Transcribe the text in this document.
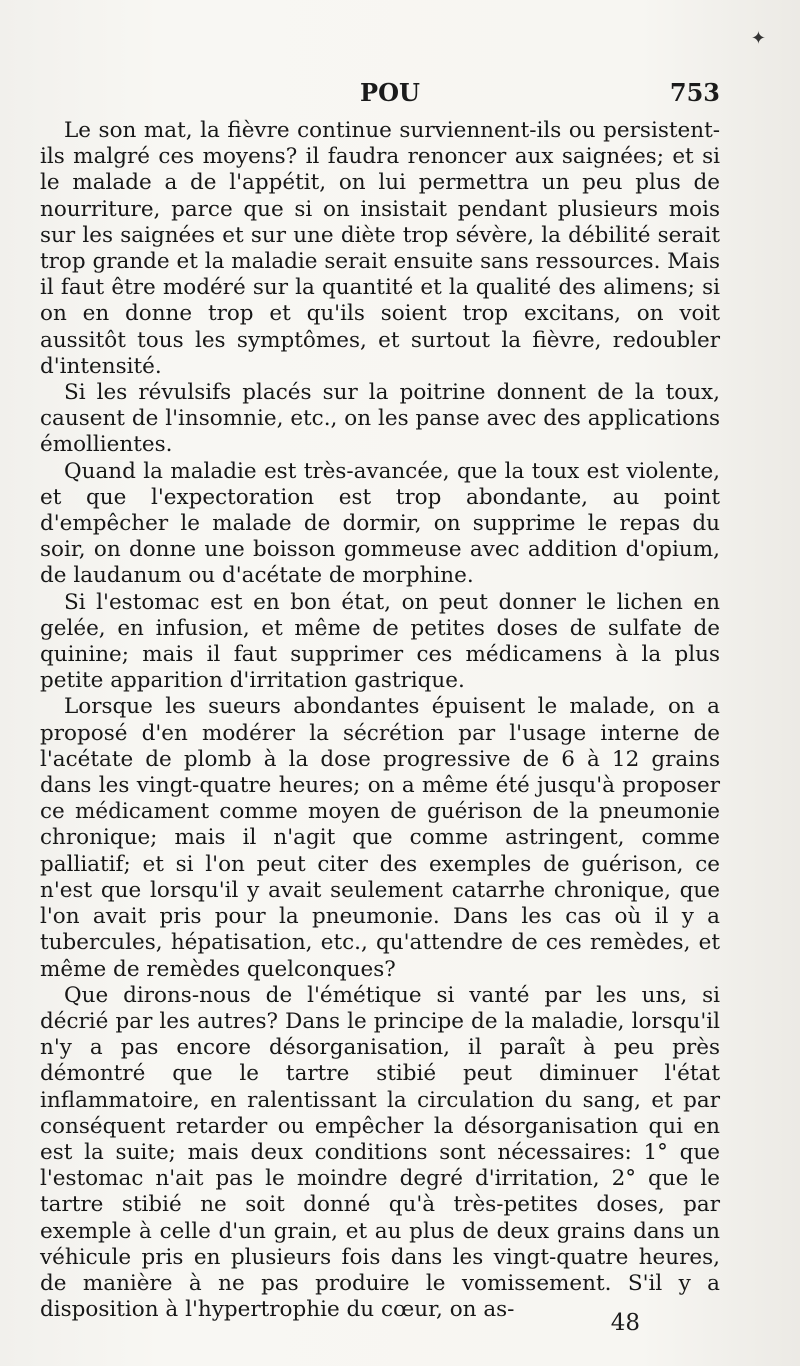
✦
POU	753

Le son mat, la fièvre continue surviennent-ils ou persistent-ils malgré ces moyens? il faudra renoncer aux saignées; et si le malade a de l'appétit, on lui permettra un peu plus de nourriture, parce que si on insistait pendant plusieurs mois sur les saignées et sur une diète trop sévère, la débilité serait trop grande et la maladie serait ensuite sans ressources. Mais il faut être modéré sur la quantité et la qualité des alimens; si on en donne trop et qu'ils soient trop excitans, on voit aussitôt tous les symptômes, et surtout la fièvre, redoubler d'intensité.

Si les révulsifs placés sur la poitrine donnent de la toux, causent de l'insomnie, etc., on les panse avec des applications émollientes.

Quand la maladie est très-avancée, que la toux est violente, et que l'expectoration est trop abondante, au point d'empêcher le malade de dormir, on supprime le repas du soir, on donne une boisson gommeuse avec addition d'opium, de laudanum ou d'acétate de morphine.

Si l'estomac est en bon état, on peut donner le lichen en gelée, en infusion, et même de petites doses de sulfate de quinine; mais il faut supprimer ces médicamens à la plus petite apparition d'irritation gastrique.

Lorsque les sueurs abondantes épuisent le malade, on a proposé d'en modérer la sécrétion par l'usage interne de l'acétate de plomb à la dose progressive de 6 à 12 grains dans les vingt-quatre heures; on a même été jusqu'à proposer ce médicament comme moyen de guérison de la pneumonie chronique; mais il n'agit que comme astringent, comme palliatif; et si l'on peut citer des exemples de guérison, ce n'est que lorsqu'il y avait seulement catarrhe chronique, que l'on avait pris pour la pneumonie. Dans les cas où il y a tubercules, hépatisation, etc., qu'attendre de ces remèdes, et même de remèdes quelconques?

Que dirons-nous de l'émétique si vanté par les uns, si décrié par les autres? Dans le principe de la maladie, lorsqu'il n'y a pas encore désorganisation, il paraît à peu près démontré que le tartre stibié peut diminuer l'état inflammatoire, en ralentissant la circulation du sang, et par conséquent retarder ou empêcher la désorganisation qui en est la suite; mais deux conditions sont nécessaires: 1° que l'estomac n'ait pas le moindre degré d'irritation, 2° que le tartre stibié ne soit donné qu'à très-petites doses, par exemple à celle d'un grain, et au plus de deux grains dans un véhicule pris en plusieurs fois dans les vingt-quatre heures, de manière à ne pas produire le vomissement. S'il y a disposition à l'hypertrophie du cœur, on as-

48
